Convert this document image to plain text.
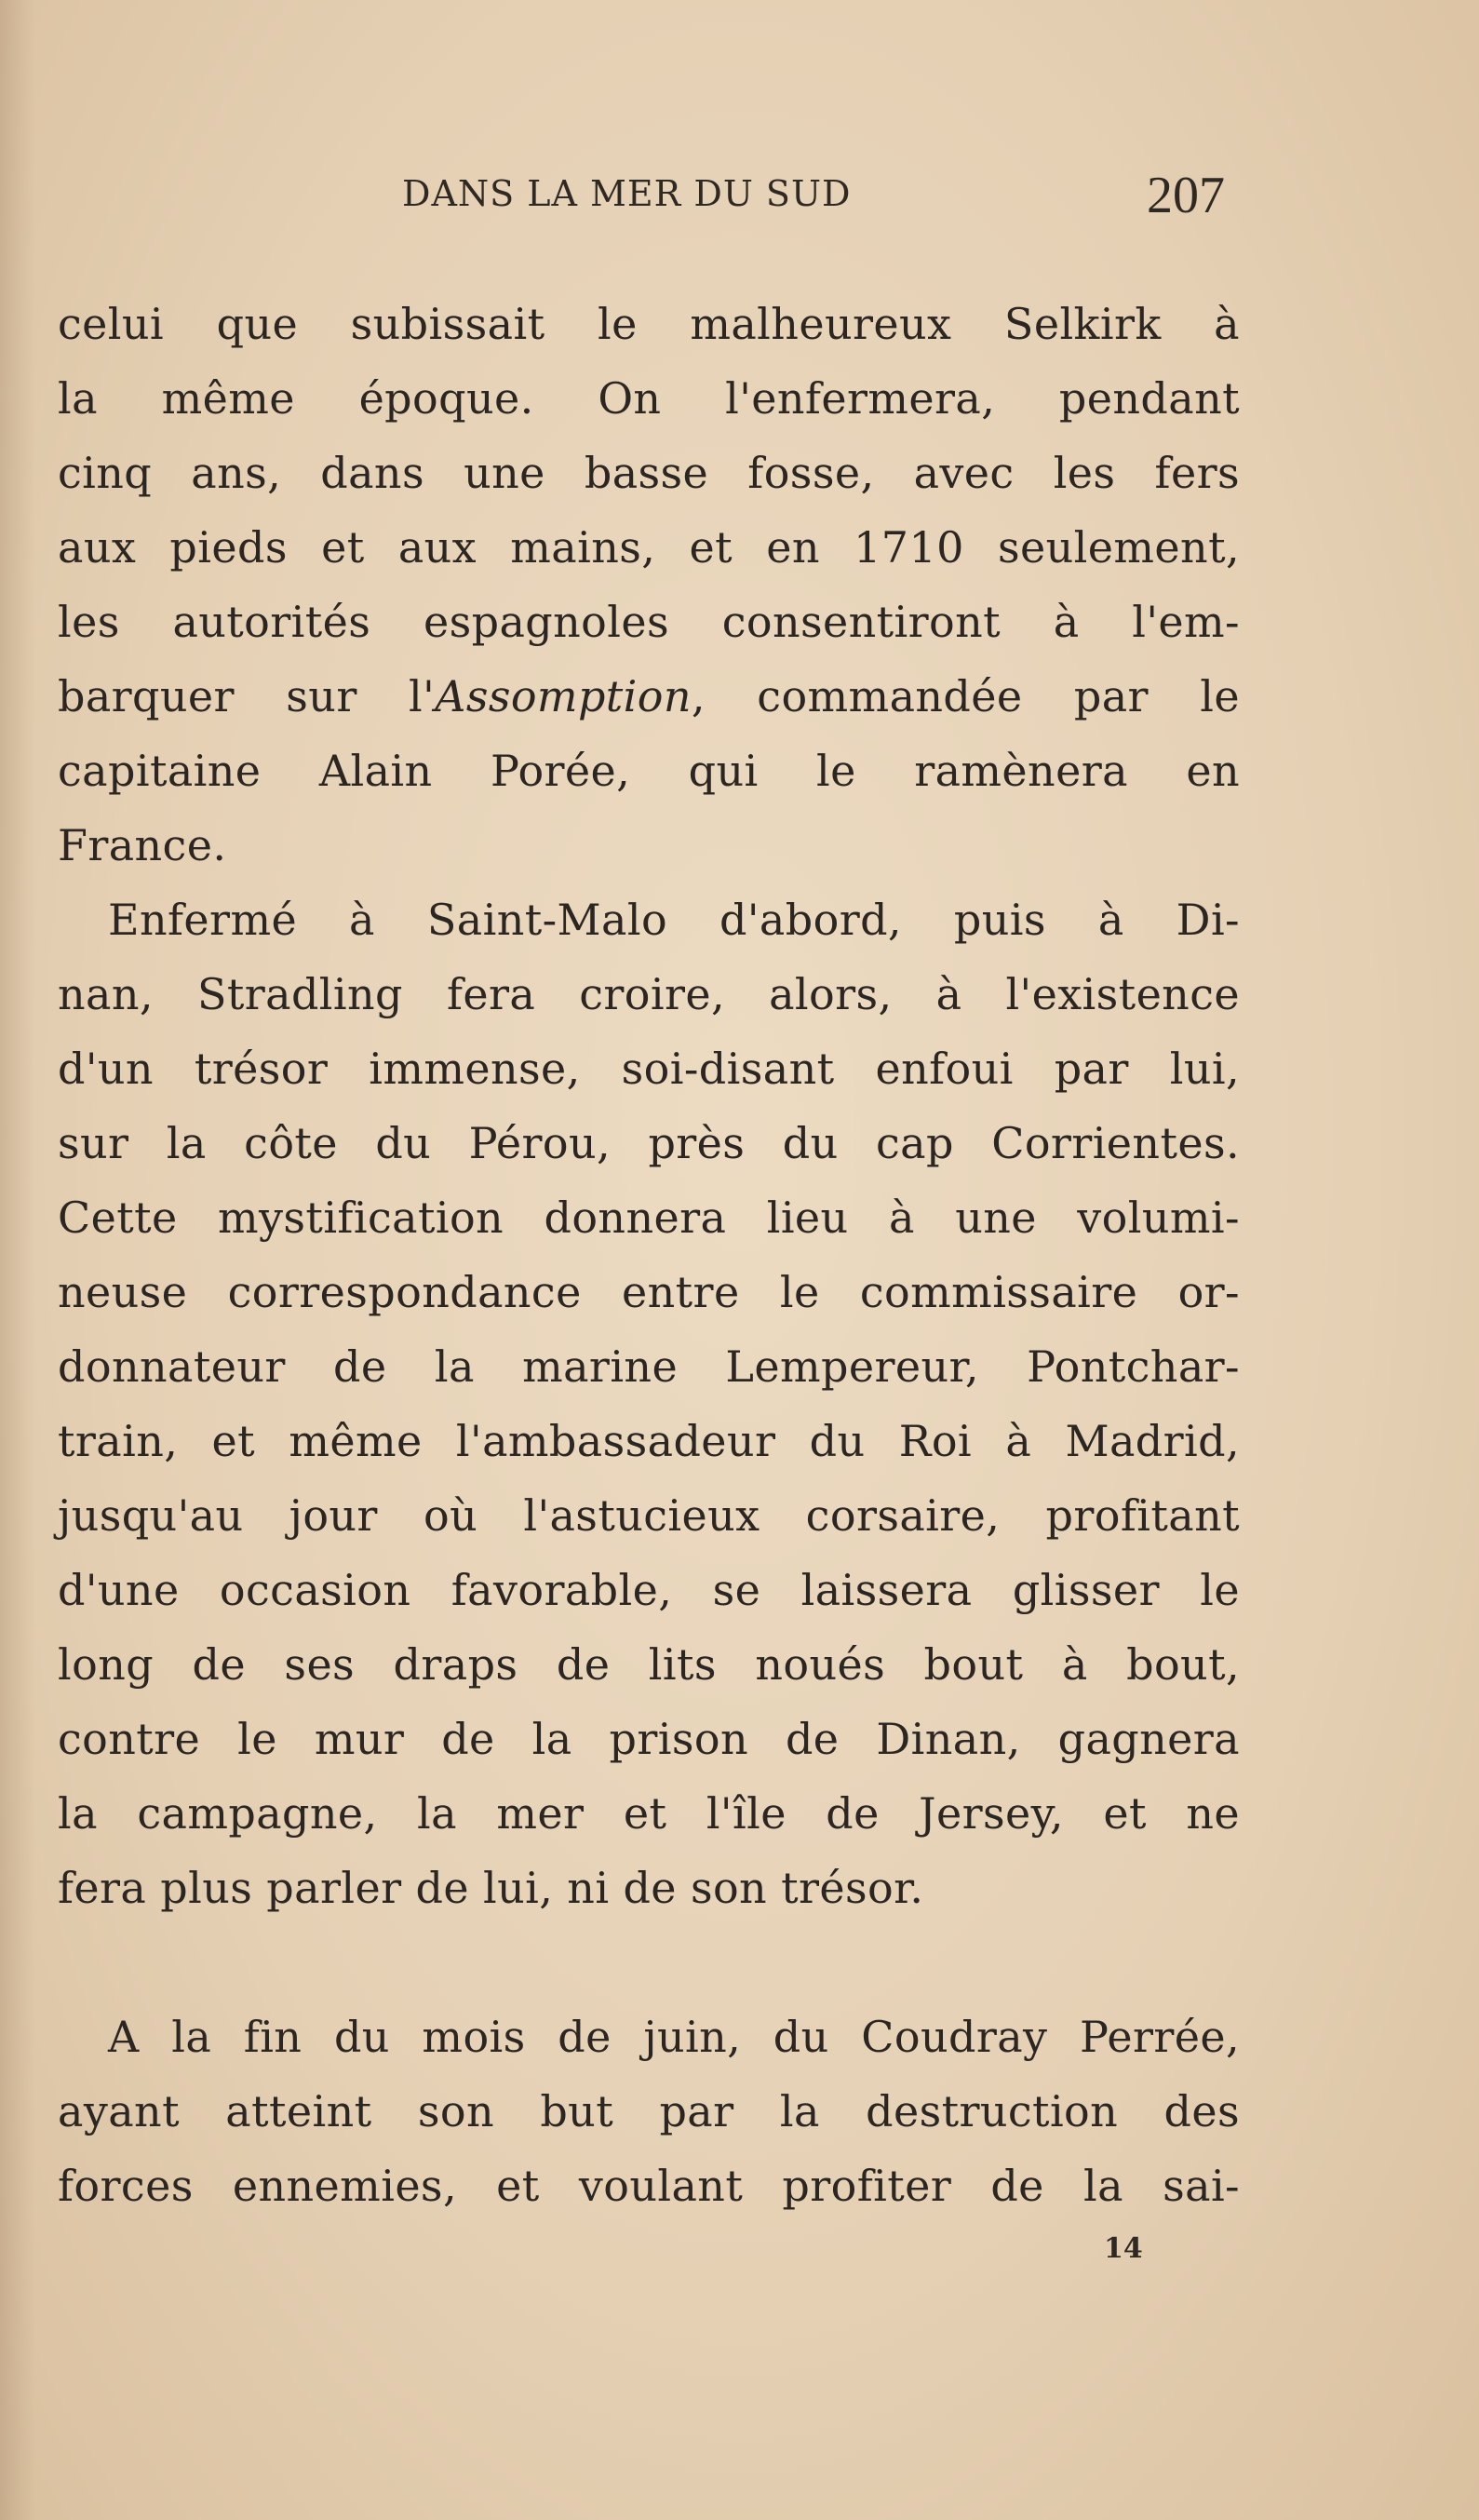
DANS LA MER DU SUD	207
celui que subissait le malheureux Selkirk à
la même époque. On l'enfermera, pendant
cinq ans, dans une basse fosse, avec les fers
aux pieds et aux mains, et en 1710 seulement,
les autorités espagnoles consentiront à l'em-
barquer sur l'Assomption, commandée par le
capitaine Alain Porée, qui le ramènera en
France.
Enfermé à Saint-Malo d'abord, puis à Di-
nan, Stradling fera croire, alors, à l'existence
d'un trésor immense, soi-disant enfoui par lui,
sur la côte du Pérou, près du cap Corrientes.
Cette mystification donnera lieu à une volumi-
neuse correspondance entre le commissaire or-
donnateur de la marine Lempereur, Pontchar-
train, et même l'ambassadeur du Roi à Madrid,
jusqu'au jour où l'astucieux corsaire, profitant
d'une occasion favorable, se laissera glisser le
long de ses draps de lits noués bout à bout,
contre le mur de la prison de Dinan, gagnera
la campagne, la mer et l'île de Jersey, et ne
fera plus parler de lui, ni de son trésor.
A la fin du mois de juin, du Coudray Perrée,
ayant atteint son but par la destruction des
forces ennemies, et voulant profiter de la sai-
14
